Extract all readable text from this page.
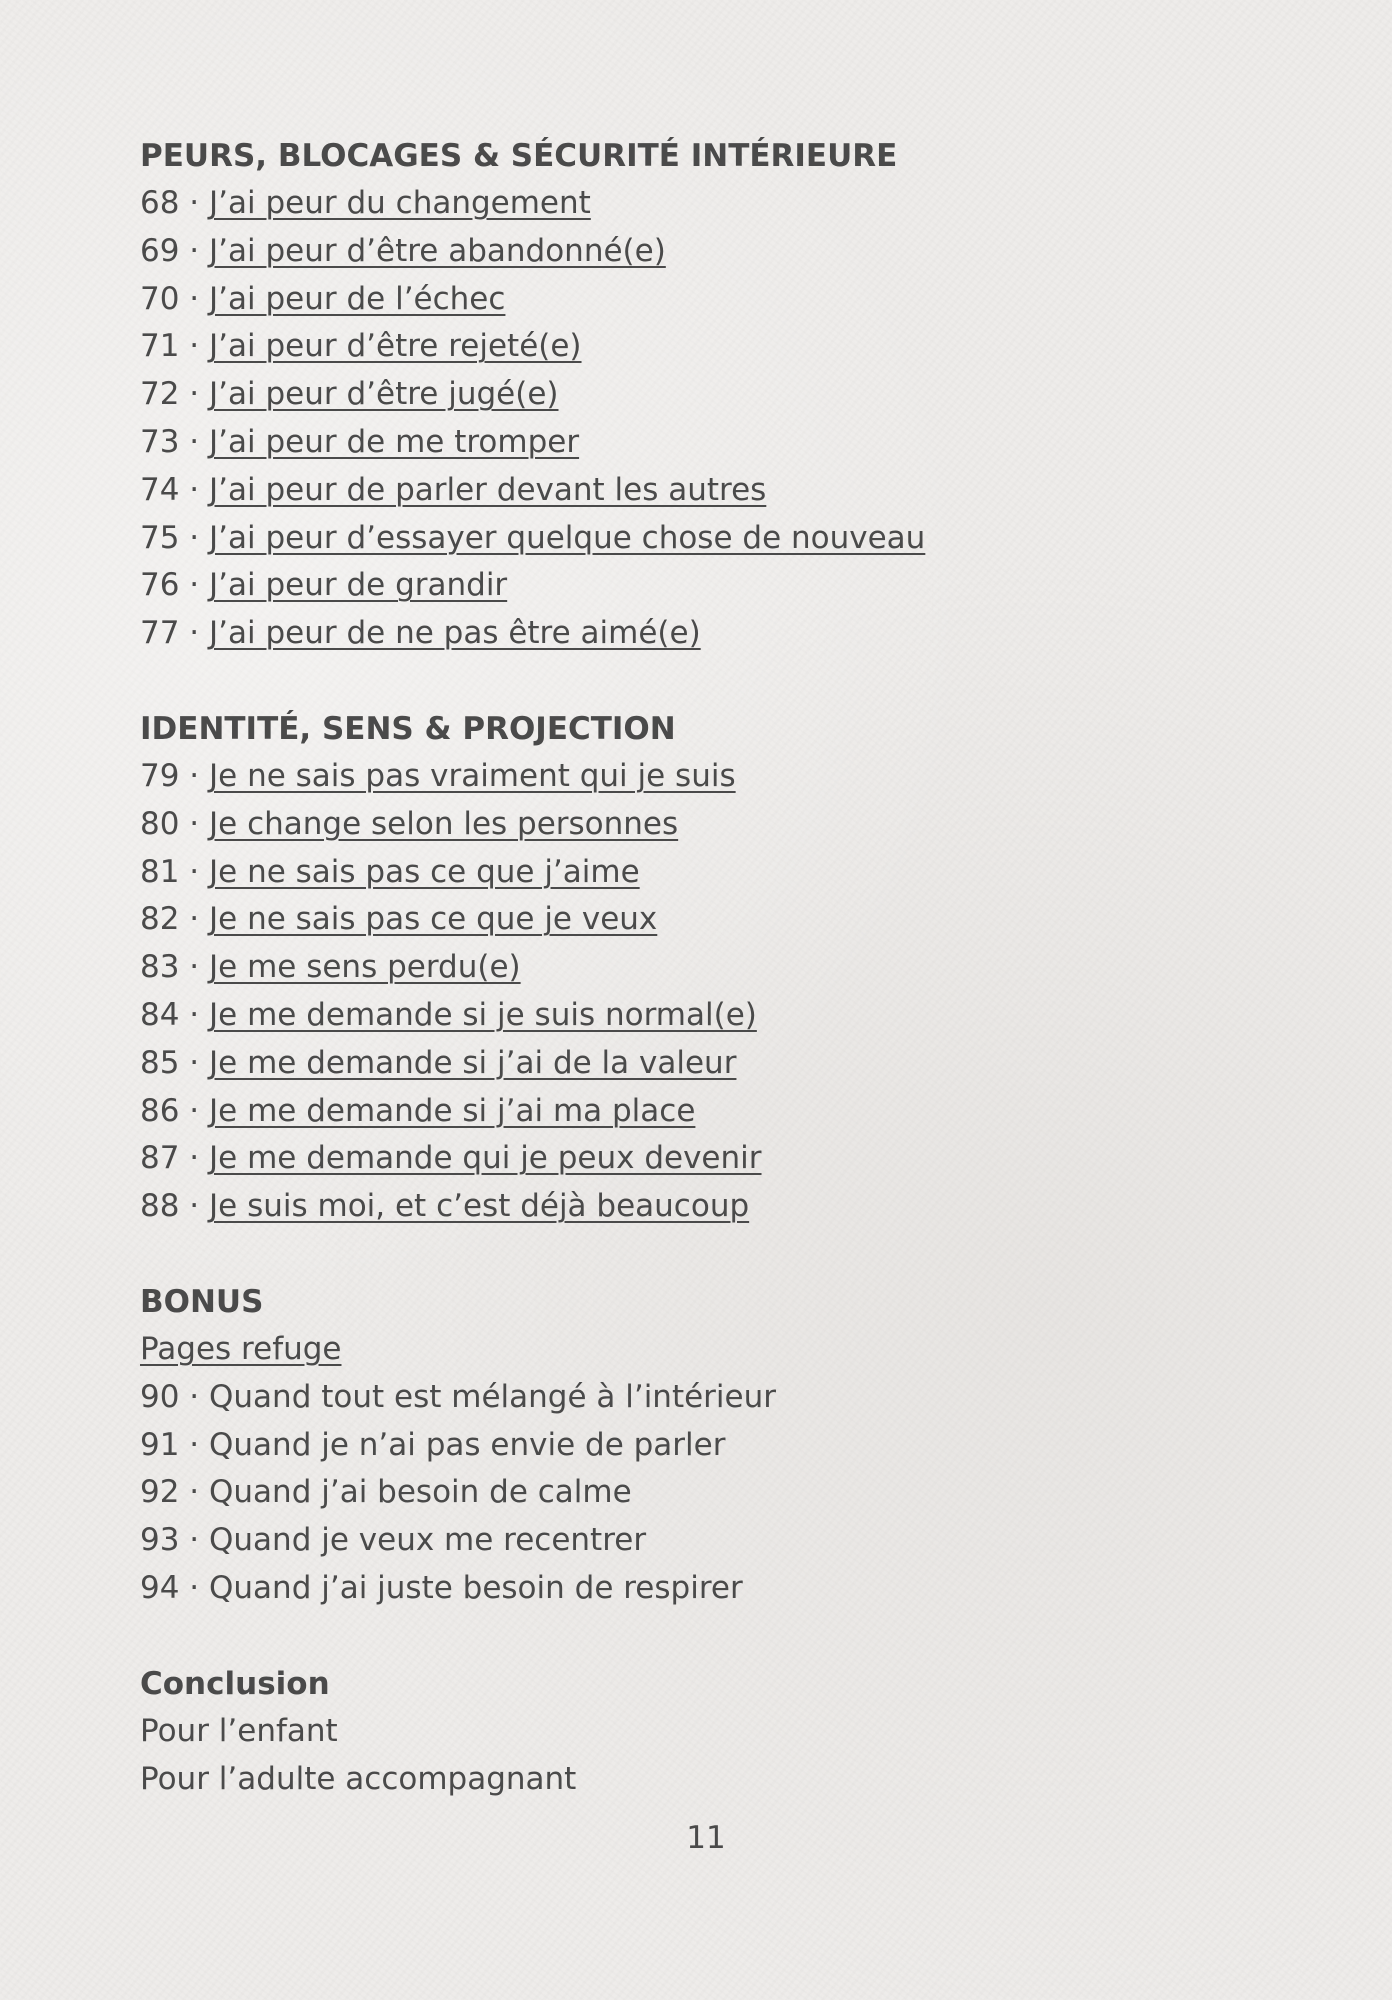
PEURS, BLOCAGES & SÉCURITÉ INTÉRIEURE
68 · J’ai peur du changement
69 · J’ai peur d’être abandonné(e)
70 · J’ai peur de l’échec
71 · J’ai peur d’être rejeté(e)
72 · J’ai peur d’être jugé(e)
73 · J’ai peur de me tromper
74 · J’ai peur de parler devant les autres
75 · J’ai peur d’essayer quelque chose de nouveau
76 · J’ai peur de grandir
77 · J’ai peur de ne pas être aimé(e)
IDENTITÉ, SENS & PROJECTION
79 · Je ne sais pas vraiment qui je suis
80 · Je change selon les personnes
81 · Je ne sais pas ce que j’aime
82 · Je ne sais pas ce que je veux
83 · Je me sens perdu(e)
84 · Je me demande si je suis normal(e)
85 · Je me demande si j’ai de la valeur
86 · Je me demande si j’ai ma place
87 · Je me demande qui je peux devenir
88 · Je suis moi, et c’est déjà beaucoup
BONUS
Pages refuge
90 · Quand tout est mélangé à l’intérieur
91 · Quand je n’ai pas envie de parler
92 · Quand j’ai besoin de calme
93 · Quand je veux me recentrer
94 · Quand j’ai juste besoin de respirer
Conclusion
Pour l’enfant
Pour l’adulte accompagnant
11
